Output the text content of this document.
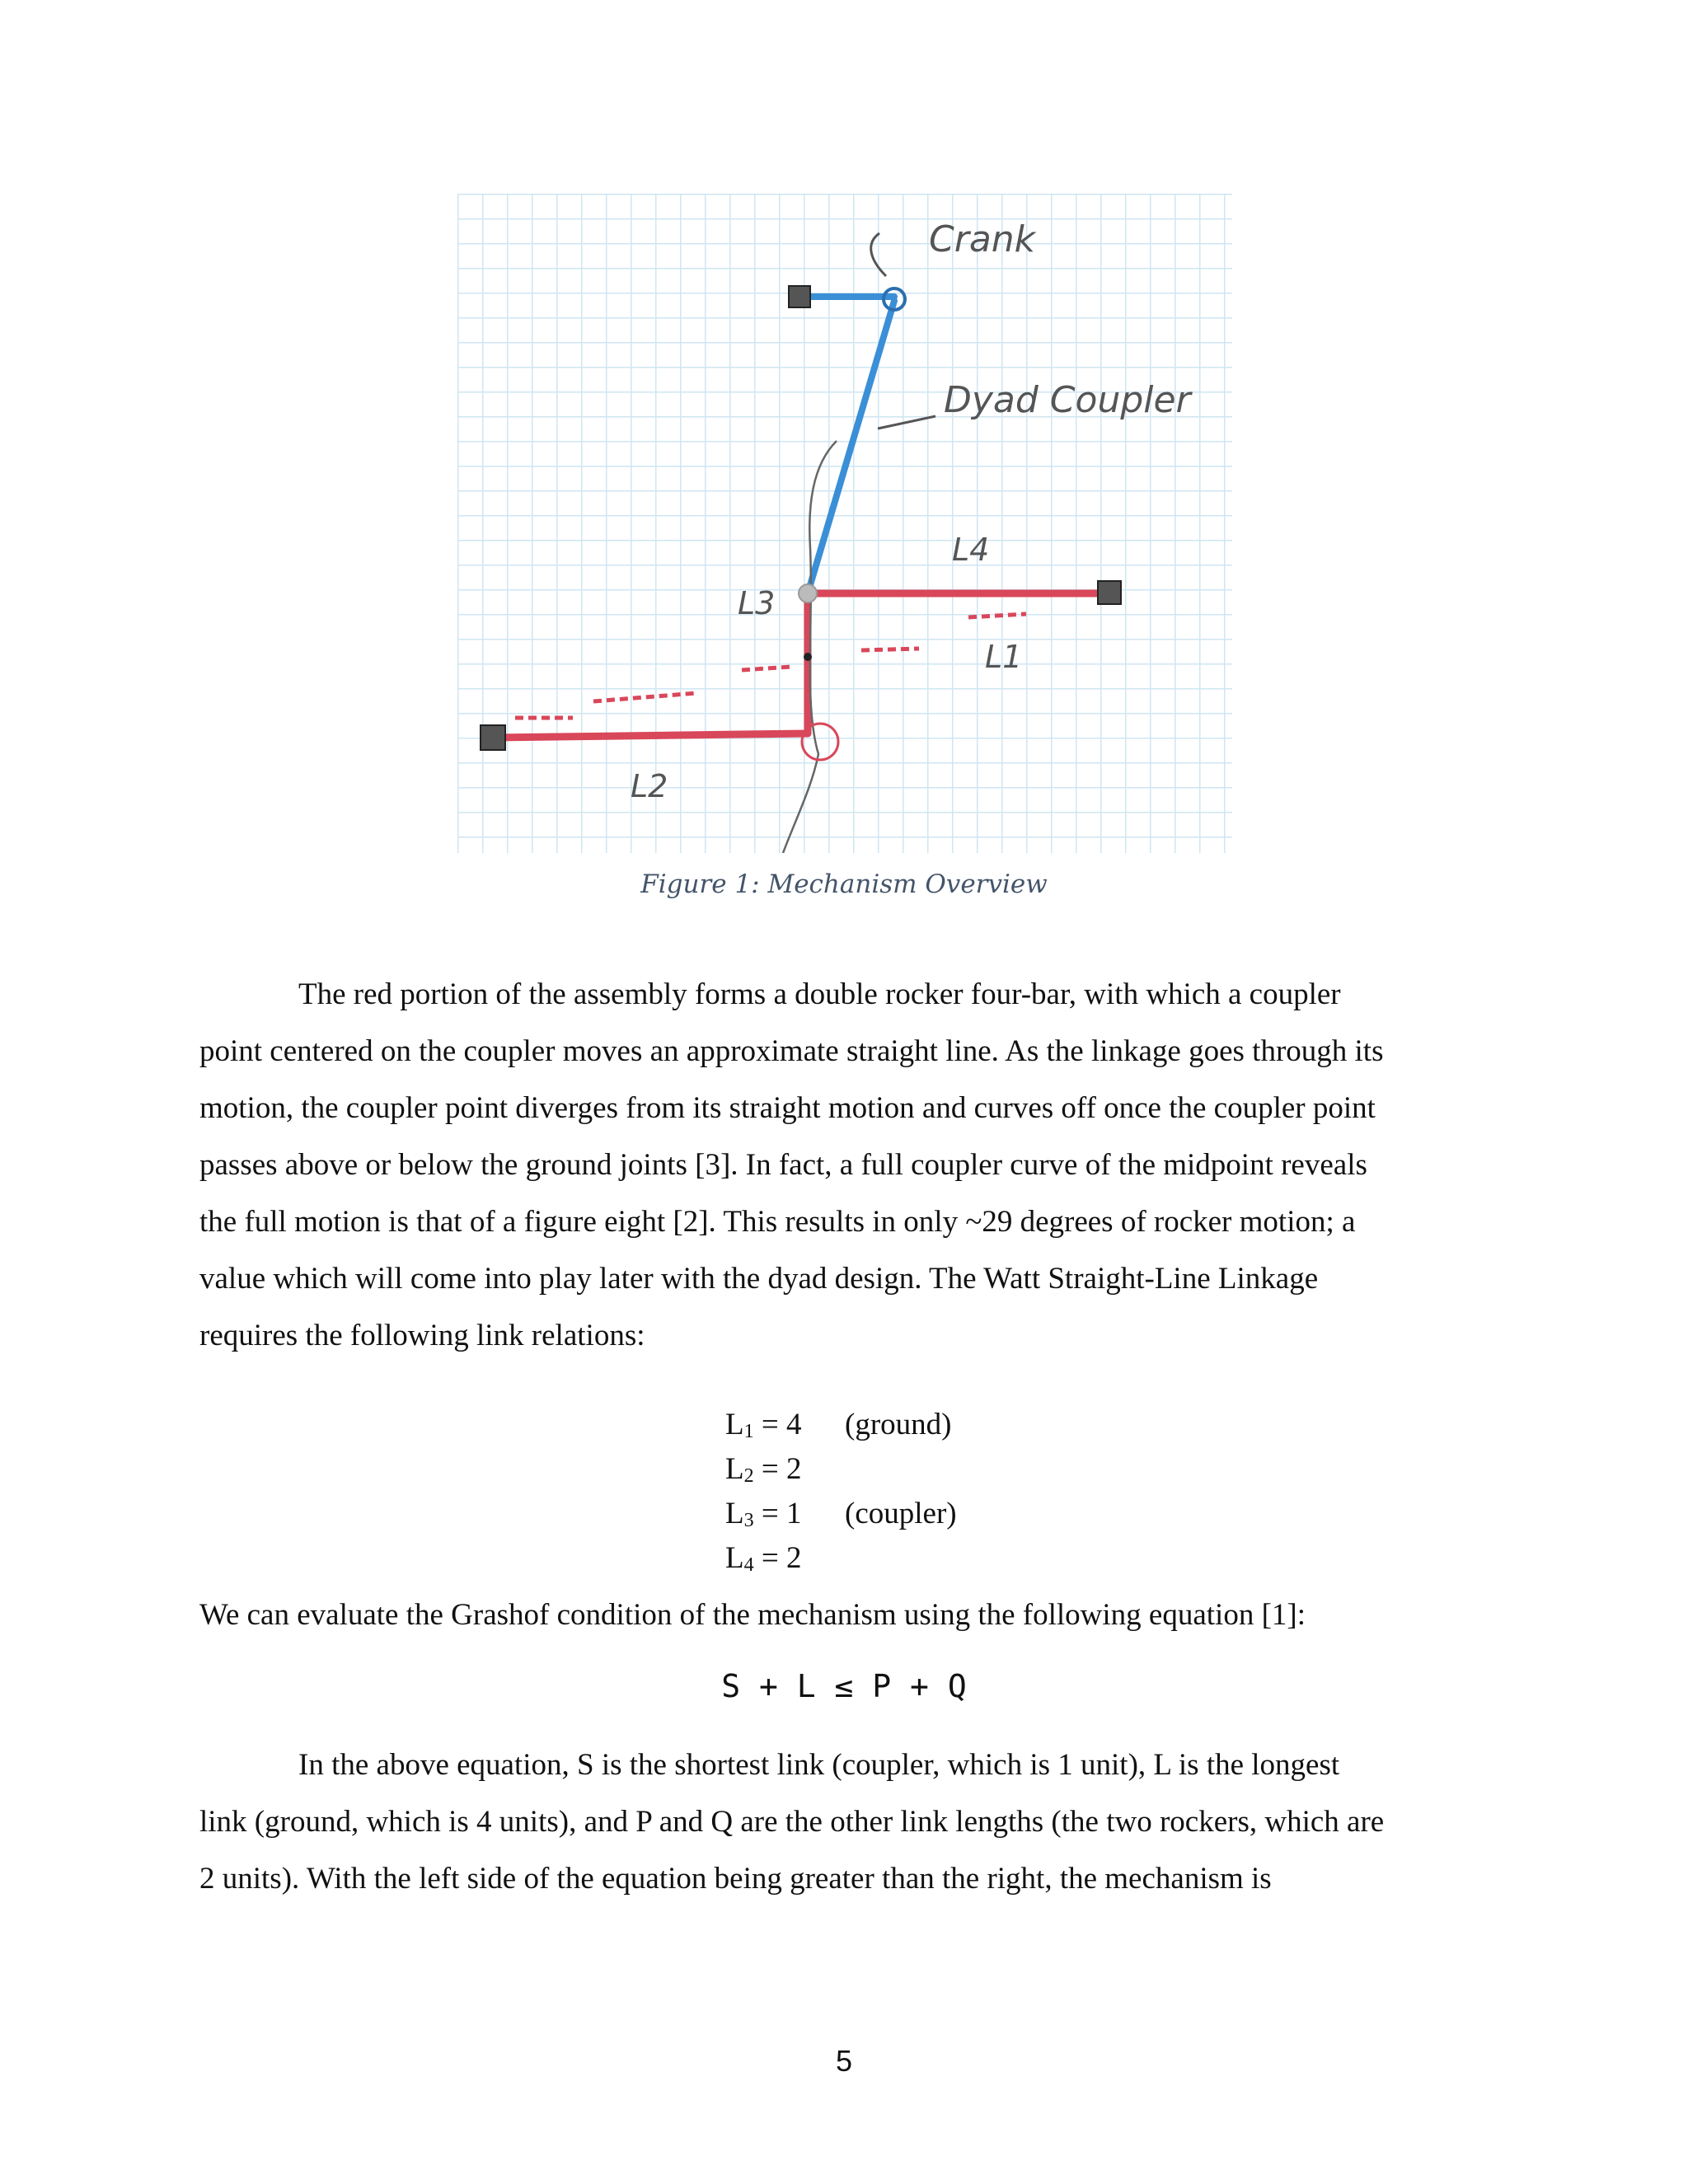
Crank
Dyad Coupler
L4
L3
L1
L2
Figure 1: Mechanism Overview
The red portion of the assembly forms a double rocker four-bar, with which a coupler
point centered on the coupler moves an approximate straight line. As the linkage goes through its
motion, the coupler point diverges from its straight motion and curves off once the coupler point
passes above or below the ground joints [3]. In fact, a full coupler curve of the midpoint reveals
the full motion is that of a figure eight [2]. This results in only ~29 degrees of rocker motion; a
value which will come into play later with the dyad design. The Watt Straight-Line Linkage
requires the following link relations:
$L_1 = 4$	(ground)
$L_2 = 2$
$L_3 = 1$	(coupler)
$L_4 = 2$
We can evaluate the Grashof condition of the mechanism using the following equation [1]:
S + L ≤ P + Q
In the above equation, S is the shortest link (coupler, which is 1 unit), L is the longest
link (ground, which is 4 units), and P and Q are the other link lengths (the two rockers, which are
2 units). With the left side of the equation being greater than the right, the mechanism is
5
